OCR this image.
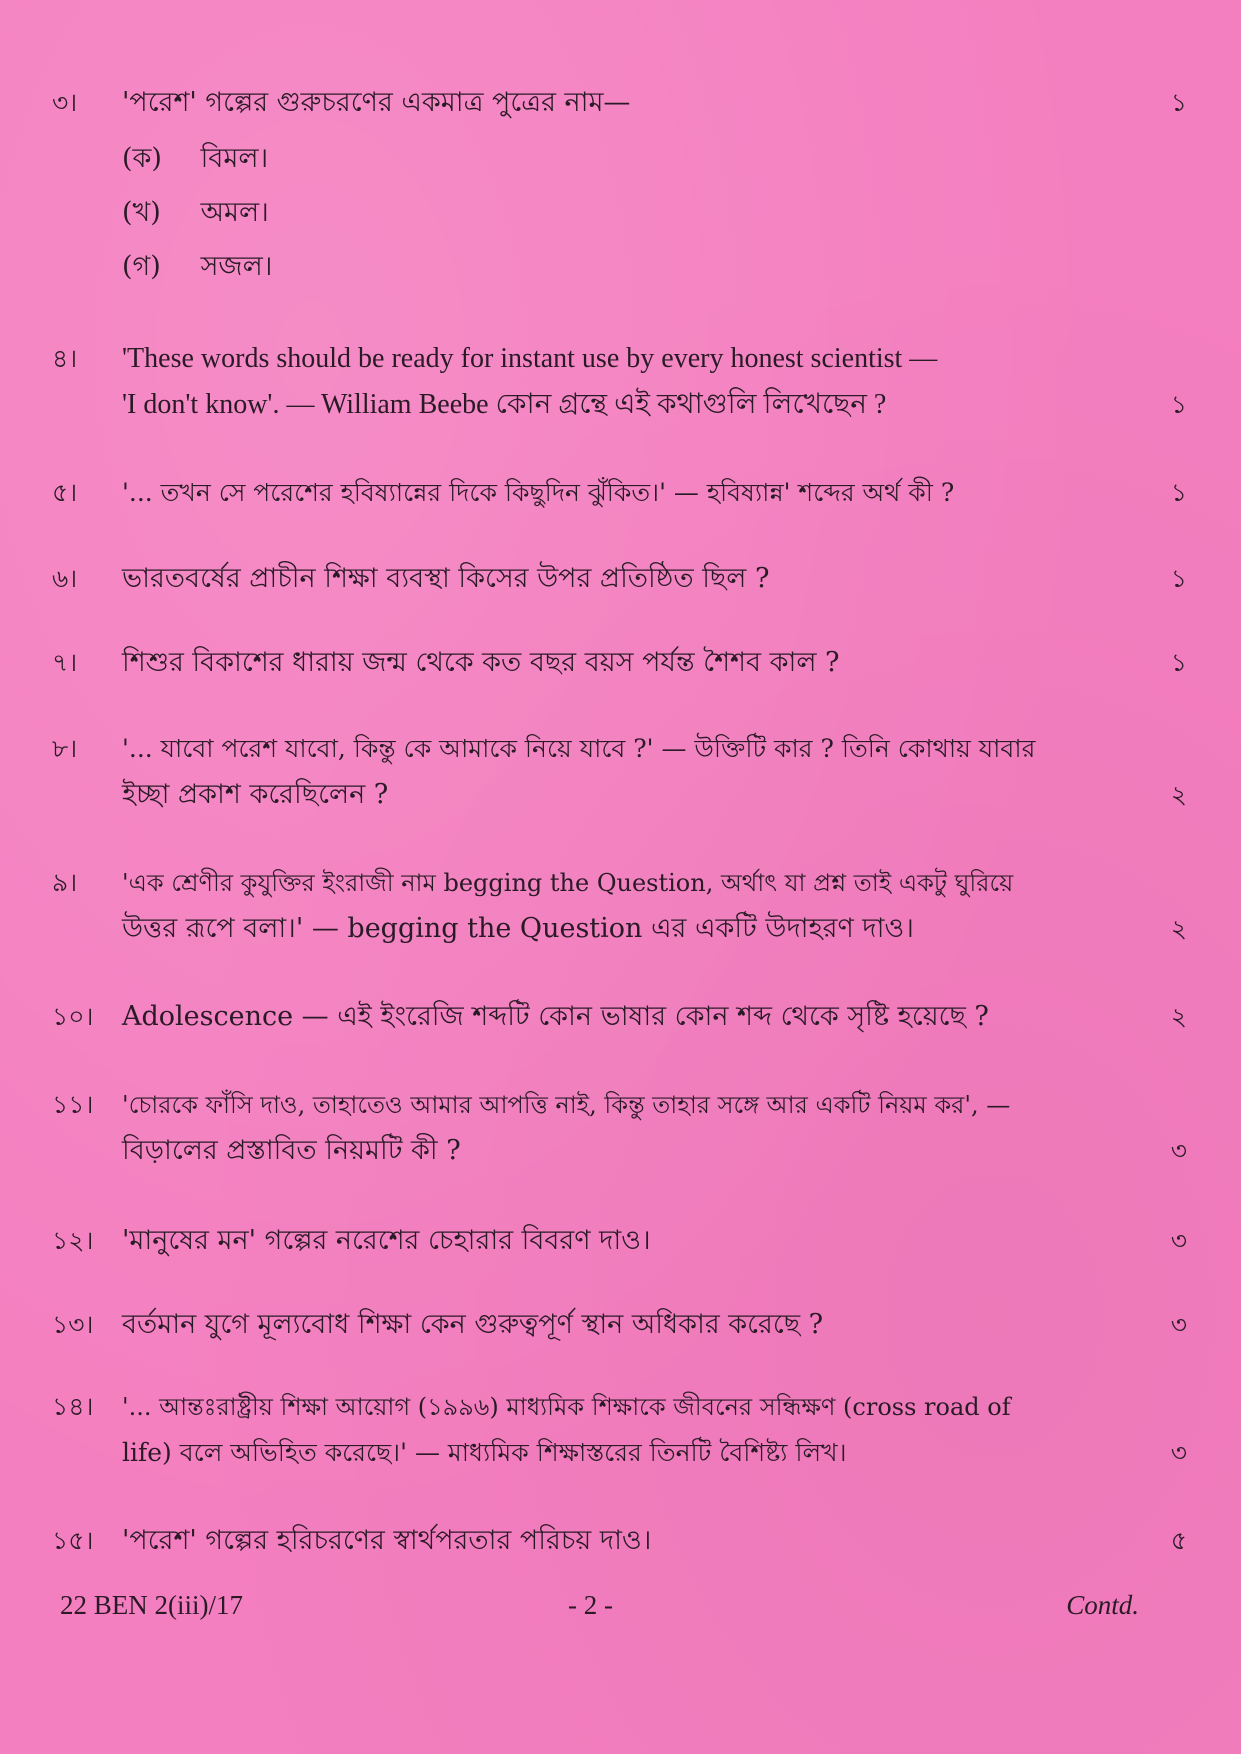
৩।	'পরেশ' গল্পের গুরুচরণের একমাত্র পুত্রের নাম—	১
(ক) বিমল।
(খ) অমল।
(গ) সজল।
৪।	'These words should be ready for instant use by every honest scientist —
'I don't know'. — William Beebe কোন গ্রন্থে এই কথাগুলি লিখেছেন ?	১
৫।	'... তখন সে পরেশের হবিষ্যান্নের দিকে কিছুদিন ঝুঁকিত।' — হবিষ্যান্ন' শব্দের অর্থ কী ?	১
৬।	ভারতবর্ষের প্রাচীন শিক্ষা ব্যবস্থা কিসের উপর প্রতিষ্ঠিত ছিল ?	১
৭।	শিশুর বিকাশের ধারায় জন্ম থেকে কত বছর বয়স পর্যন্ত শৈশব কাল ?	১
৮।	'... যাবো পরেশ যাবো, কিন্তু কে আমাকে নিয়ে যাবে ?' — উক্তিটি কার ? তিনি কোথায় যাবার
ইচ্ছা প্রকাশ করেছিলেন ?	২
৯।	'এক শ্রেণীর কুযুক্তির ইংরাজী নাম begging the Question, অর্থাৎ যা প্রশ্ন তাই একটু ঘুরিয়ে
উত্তর রূপে বলা।' — begging the Question এর একটি উদাহরণ দাও।	২
১০।	Adolescence — এই ইংরেজি শব্দটি কোন ভাষার কোন শব্দ থেকে সৃষ্টি হয়েছে ?	২
১১।	'চোরকে ফাঁসি দাও, তাহাতেও আমার আপত্তি নাই, কিন্তু তাহার সঙ্গে আর একটি নিয়ম কর', —
বিড়ালের প্রস্তাবিত নিয়মটি কী ?	৩
১২।	'মানুষের মন' গল্পের নরেশের চেহারার বিবরণ দাও।	৩
১৩।	বর্তমান যুগে মূল্যবোধ শিক্ষা কেন গুরুত্বপূর্ণ স্থান অধিকার করেছে ?	৩
১৪।	'... আন্তঃরাষ্ট্রীয় শিক্ষা আয়োগ (১৯৯৬) মাধ্যমিক শিক্ষাকে জীবনের সন্ধিক্ষণ (cross road of
life) বলে অভিহিত করেছে।' — মাধ্যমিক শিক্ষাস্তরের তিনটি বৈশিষ্ট্য লিখ।	৩
১৫।	'পরেশ' গল্পের হরিচরণের স্বার্থপরতার পরিচয় দাও।	৫
22 BEN 2(iii)/17	- 2 -	Contd.
